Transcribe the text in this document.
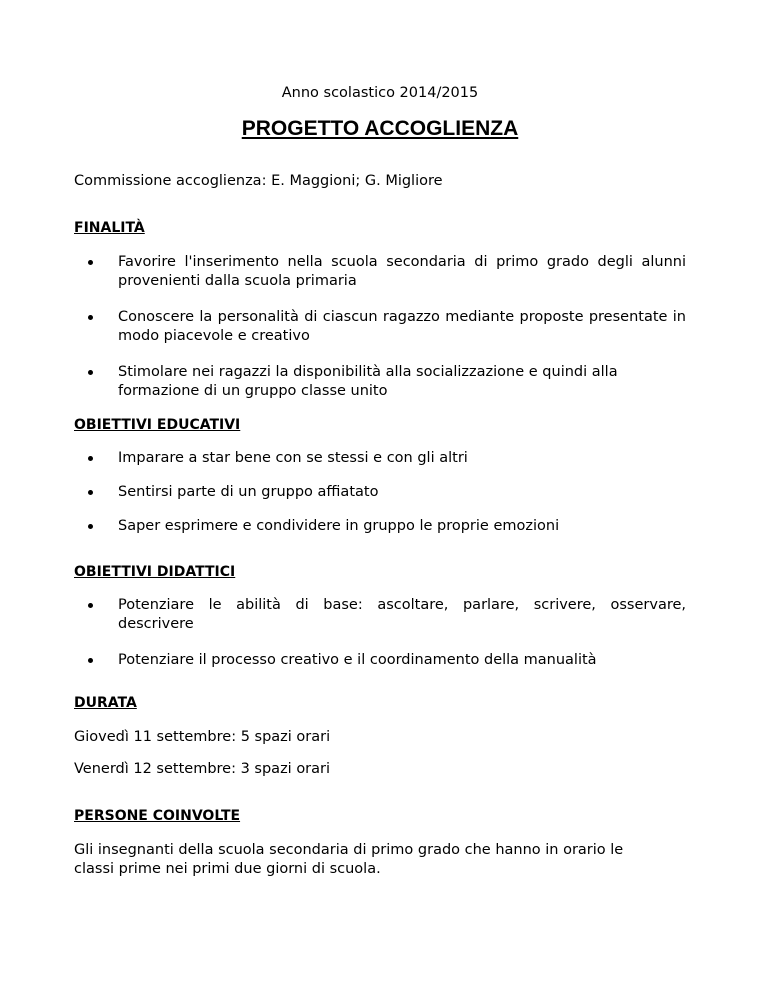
Anno scolastico 2014/2015
PROGETTO ACCOGLIENZA
Commissione accoglienza: E. Maggioni; G. Migliore
FINALITÀ
Favorire l'inserimento nella scuola secondaria di primo grado degli alunni provenienti dalla scuola primaria
Conoscere la personalità di ciascun ragazzo mediante proposte presentate in modo piacevole e creativo
Stimolare nei ragazzi la disponibilità alla socializzazione e quindi alla formazione di un gruppo classe unito
OBIETTIVI EDUCATIVI
Imparare a star bene con se stessi e con gli altri
Sentirsi parte di un gruppo affiatato
Saper esprimere e condividere in gruppo le proprie emozioni
OBIETTIVI DIDATTICI
Potenziare le abilità di base: ascoltare, parlare, scrivere, osservare, descrivere
Potenziare il processo creativo e il coordinamento della manualità
DURATA

Giovedì 11 settembre: 5 spazi orari

Venerdì 12 settembre: 3 spazi orari

PERSONE COINVOLTE

Gli insegnanti della scuola secondaria di primo grado che hanno in orario le classi prime nei primi due giorni di scuola.
